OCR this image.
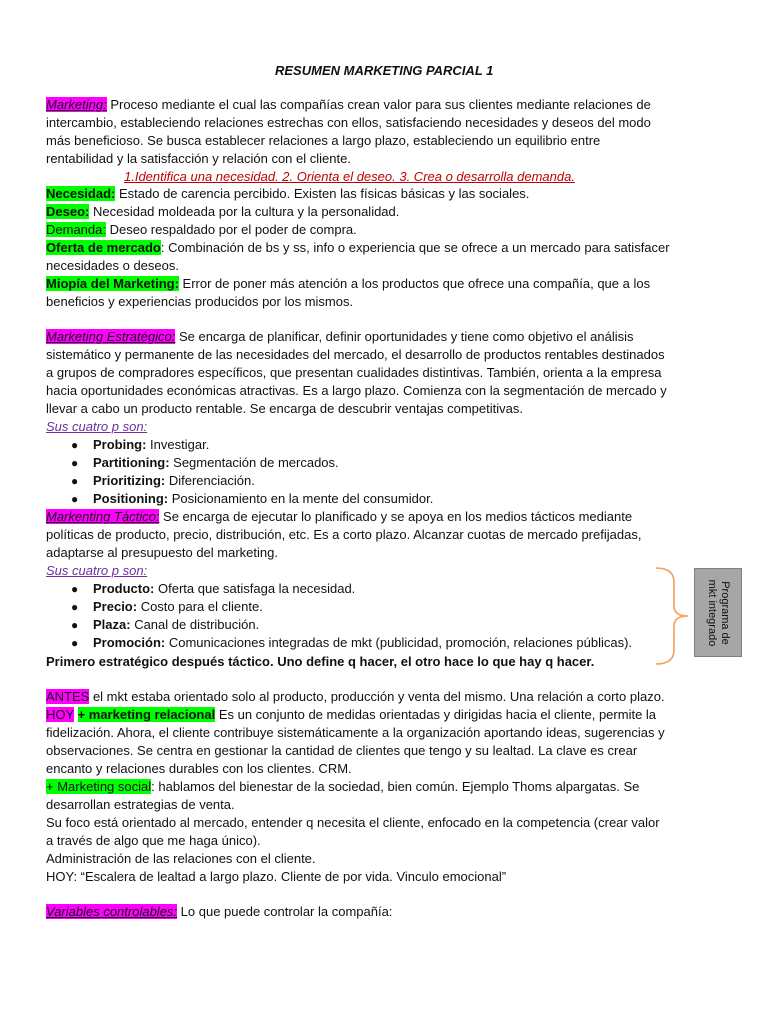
RESUMEN MARKETING PARCIAL 1
Marketing: Proceso mediante el cual las compañías crean valor para sus clientes mediante relaciones de
intercambio, estableciendo relaciones estrechas con ellos, satisfaciendo necesidades y deseos del modo
más beneficioso. Se busca establecer relaciones a largo plazo, estableciendo un equilibrio entre
rentabilidad y la satisfacción y relación con el cliente.
1.Identifica una necesidad. 2. Orienta el deseo. 3. Crea o desarrolla demanda.
Necesidad: Estado de carencia percibido. Existen las físicas básicas y las sociales.
Deseo: Necesidad moldeada por la cultura y la personalidad.
Demanda: Deseo respaldado por el poder de compra.
Oferta de mercado: Combinación de bs y ss, info o experiencia que se ofrece a un mercado para satisfacer
necesidades o deseos.
Miopía del Marketing: Error de poner más atención a los productos que ofrece una compañía, que a los
beneficios y experiencias producidos por los mismos.
Marketing Estratégico: Se encarga de planificar, definir oportunidades y tiene como objetivo el análisis
sistemático y permanente de las necesidades del mercado, el desarrollo de productos rentables destinados
a grupos de compradores específicos, que presentan cualidades distintivas. También, orienta a la empresa
hacia oportunidades económicas atractivas. Es a largo plazo. Comienza con la segmentación de mercado y
llevar a cabo un producto rentable. Se encarga de descubrir ventajas competitivas.
Sus cuatro p son:
● Probing: Investigar.
● Partitioning: Segmentación de mercados.
● Prioritizing: Diferenciación.
● Positioning: Posicionamiento en la mente del consumidor.
Markenting Táctico: Se encarga de ejecutar lo planificado y se apoya en los medios tácticos mediante
políticas de producto, precio, distribución, etc. Es a corto plazo. Alcanzar cuotas de mercado prefijadas,
adaptarse al presupuesto del marketing.
Sus cuatro p son:
● Producto: Oferta que satisfaga la necesidad.
● Precio: Costo para el cliente.
● Plaza: Canal de distribución.
● Promoción: Comunicaciones integradas de mkt (publicidad, promoción, relaciones públicas).
Primero estratégico después táctico. Uno define q hacer, el otro hace lo que hay q hacer.
ANTES el mkt estaba orientado solo al producto, producción y venta del mismo. Una relación a corto plazo.
HOY + marketing relacional Es un conjunto de medidas orientadas y dirigidas hacia el cliente, permite la
fidelización. Ahora, el cliente contribuye sistemáticamente a la organización aportando ideas, sugerencias y
observaciones. Se centra en gestionar la cantidad de clientes que tengo y su lealtad. La clave es crear
encanto y relaciones durables con los clientes. CRM.
+ Marketing social: hablamos del bienestar de la sociedad, bien común. Ejemplo Thoms alpargatas. Se
desarrollan estrategias de venta.
Su foco está orientado al mercado, entender q necesita el cliente, enfocado en la competencia (crear valor
a través de algo que me haga único).
Administración de las relaciones con el cliente.
HOY: “Escalera de lealtad a largo plazo. Cliente de por vida. Vinculo emocional”
Variables controlables: Lo que puede controlar la compañía:
Programa de
mkt integrado
